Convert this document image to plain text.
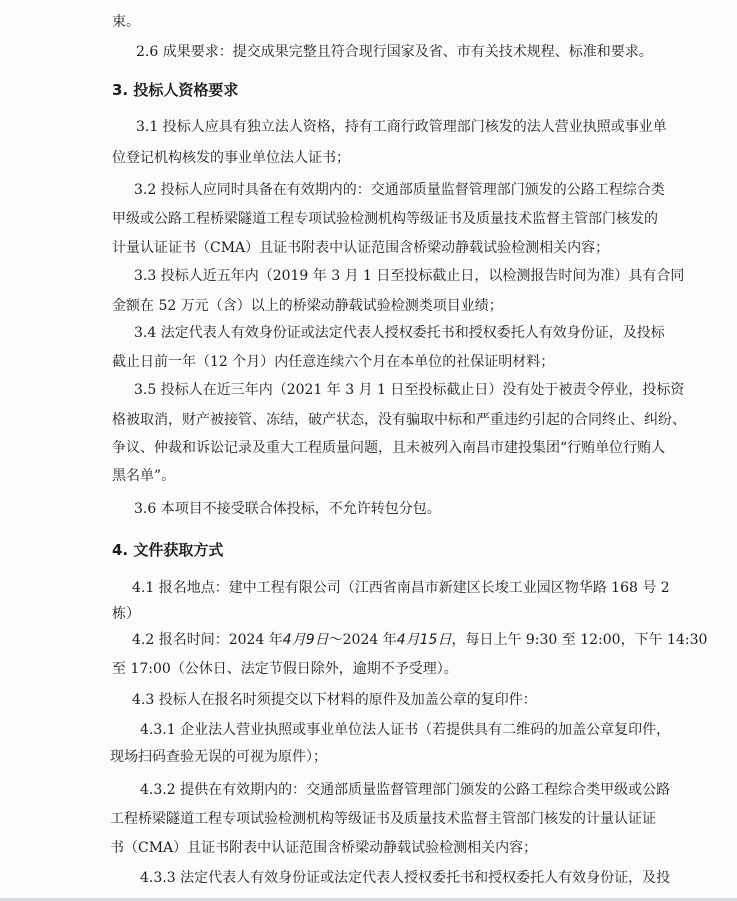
束。
2.6 成果要求：提交成果完整且符合现行国家及省、市有关技术规程、标准和要求。
3. 投标人资格要求
3.1 投标人应具有独立法人资格，持有工商行政管理部门核发的法人营业执照或事业单
位登记机构核发的事业单位法人证书；
3.2 投标人应同时具备在有效期内的：交通部质量监督管理部门颁发的公路工程综合类
甲级或公路工程桥梁隧道工程专项试验检测机构等级证书及质量技术监督主管部门核发的
计量认证证书（CMA）且证书附表中认证范围含桥梁动静载试验检测相关内容；
3.3 投标人近五年内（2019 年 3 月 1 日至投标截止日，以检测报告时间为准）具有合同
金额在 52 万元（含）以上的桥梁动静载试验检测类项目业绩；
3.4 法定代表人有效身份证或法定代表人授权委托书和授权委托人有效身份证，及投标
截止日前一年（12 个月）内任意连续六个月在本单位的社保证明材料；
3.5 投标人在近三年内（2021 年 3 月 1 日至投标截止日）没有处于被责令停业，投标资
格被取消，财产被接管、冻结，破产状态，没有骗取中标和严重违约引起的合同终止、纠纷、
争议、仲裁和诉讼记录及重大工程质量问题，且未被列入南昌市建投集团“行贿单位行贿人
黑名单”。
3.6 本项目不接受联合体投标，不允许转包分包。
4. 文件获取方式
4.1 报名地点：建中工程有限公司（江西省南昌市新建区长埈工业园区物华路 168 号 2
栋）
4.2 报名时间：2024 年4月9日～2024 年4月15日，每日上午 9:30 至 12:00，下午 14:30
至 17:00（公休日、法定节假日除外，逾期不予受理）。
4.3 投标人在报名时须提交以下材料的原件及加盖公章的复印件：
4.3.1 企业法人营业执照或事业单位法人证书（若提供具有二维码的加盖公章复印件，
现场扫码查验无误的可视为原件）；
4.3.2 提供在有效期内的：交通部质量监督管理部门颁发的公路工程综合类甲级或公路
工程桥梁隧道工程专项试验检测机构等级证书及质量技术监督主管部门核发的计量认证证
书（CMA）且证书附表中认证范围含桥梁动静载试验检测相关内容；
4.3.3 法定代表人有效身份证或法定代表人授权委托书和授权委托人有效身份证，及投
